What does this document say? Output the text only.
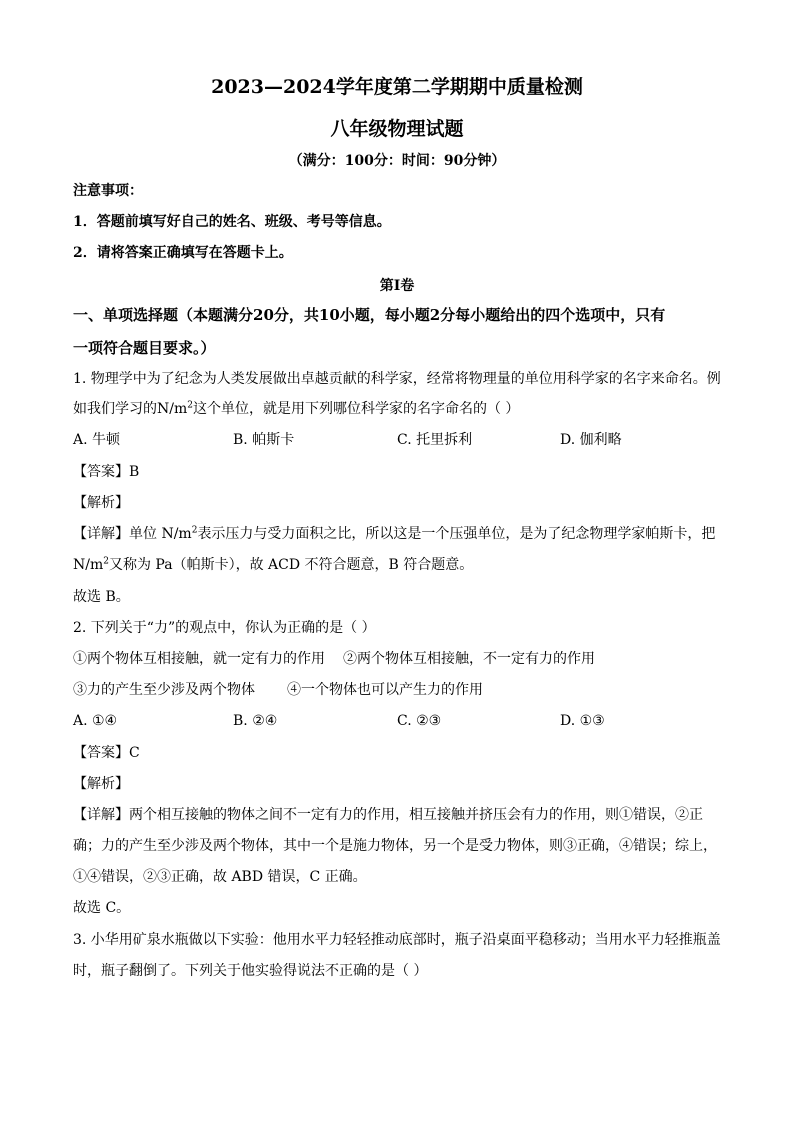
2023—2024学年度第二学期期中质量检测
八年级物理试题
（满分：100分：时间：90分钟）
注意事项：
1．答题前填写好自己的姓名、班级、考号等信息。
2．请将答案正确填写在答题卡上。
第I卷
一、单项选择题（本题满分20分，共10小题，每小题2分每小题给出的四个选项中，只有
一项符合题目要求。）
1. 物理学中为了纪念为人类发展做出卓越贡献的科学家，经常将物理量的单位用科学家的名字来命名。例
如我们学习的$N/m^2$这个单位，就是用下列哪位科学家的名字命名的（ ）
A. 牛顿	B. 帕斯卡	C. 托里拆利	D. 伽利略
【答案】B
【解析】
【详解】单位 $N/m^2$表示压力与受力面积之比，所以这是一个压强单位，是为了纪念物理学家帕斯卡，把
$N/m^2$又称为 Pa（帕斯卡），故 ACD 不符合题意，B 符合题意。
故选 B。
2. 下列关于“力”的观点中，你认为正确的是（ ）
①两个物体互相接触，就一定有力的作用 ②两个物体互相接触，不一定有力的作用
③力的产生至少涉及两个物体 ④一个物体也可以产生力的作用
A. ①④	B. ②④	C. ②③	D. ①③
【答案】C
【解析】
【详解】两个相互接触的物体之间不一定有力的作用，相互接触并挤压会有力的作用，则①错误，②正
确；力的产生至少涉及两个物体，其中一个是施力物体，另一个是受力物体，则③正确，④错误；综上，
①④错误，②③正确，故 ABD 错误，C 正确。
故选 C。
3. 小华用矿泉水瓶做以下实验：他用水平力轻轻推动底部时，瓶子沿桌面平稳移动；当用水平力轻推瓶盖
时，瓶子翻倒了。下列关于他实验得说法不正确的是（ ）
